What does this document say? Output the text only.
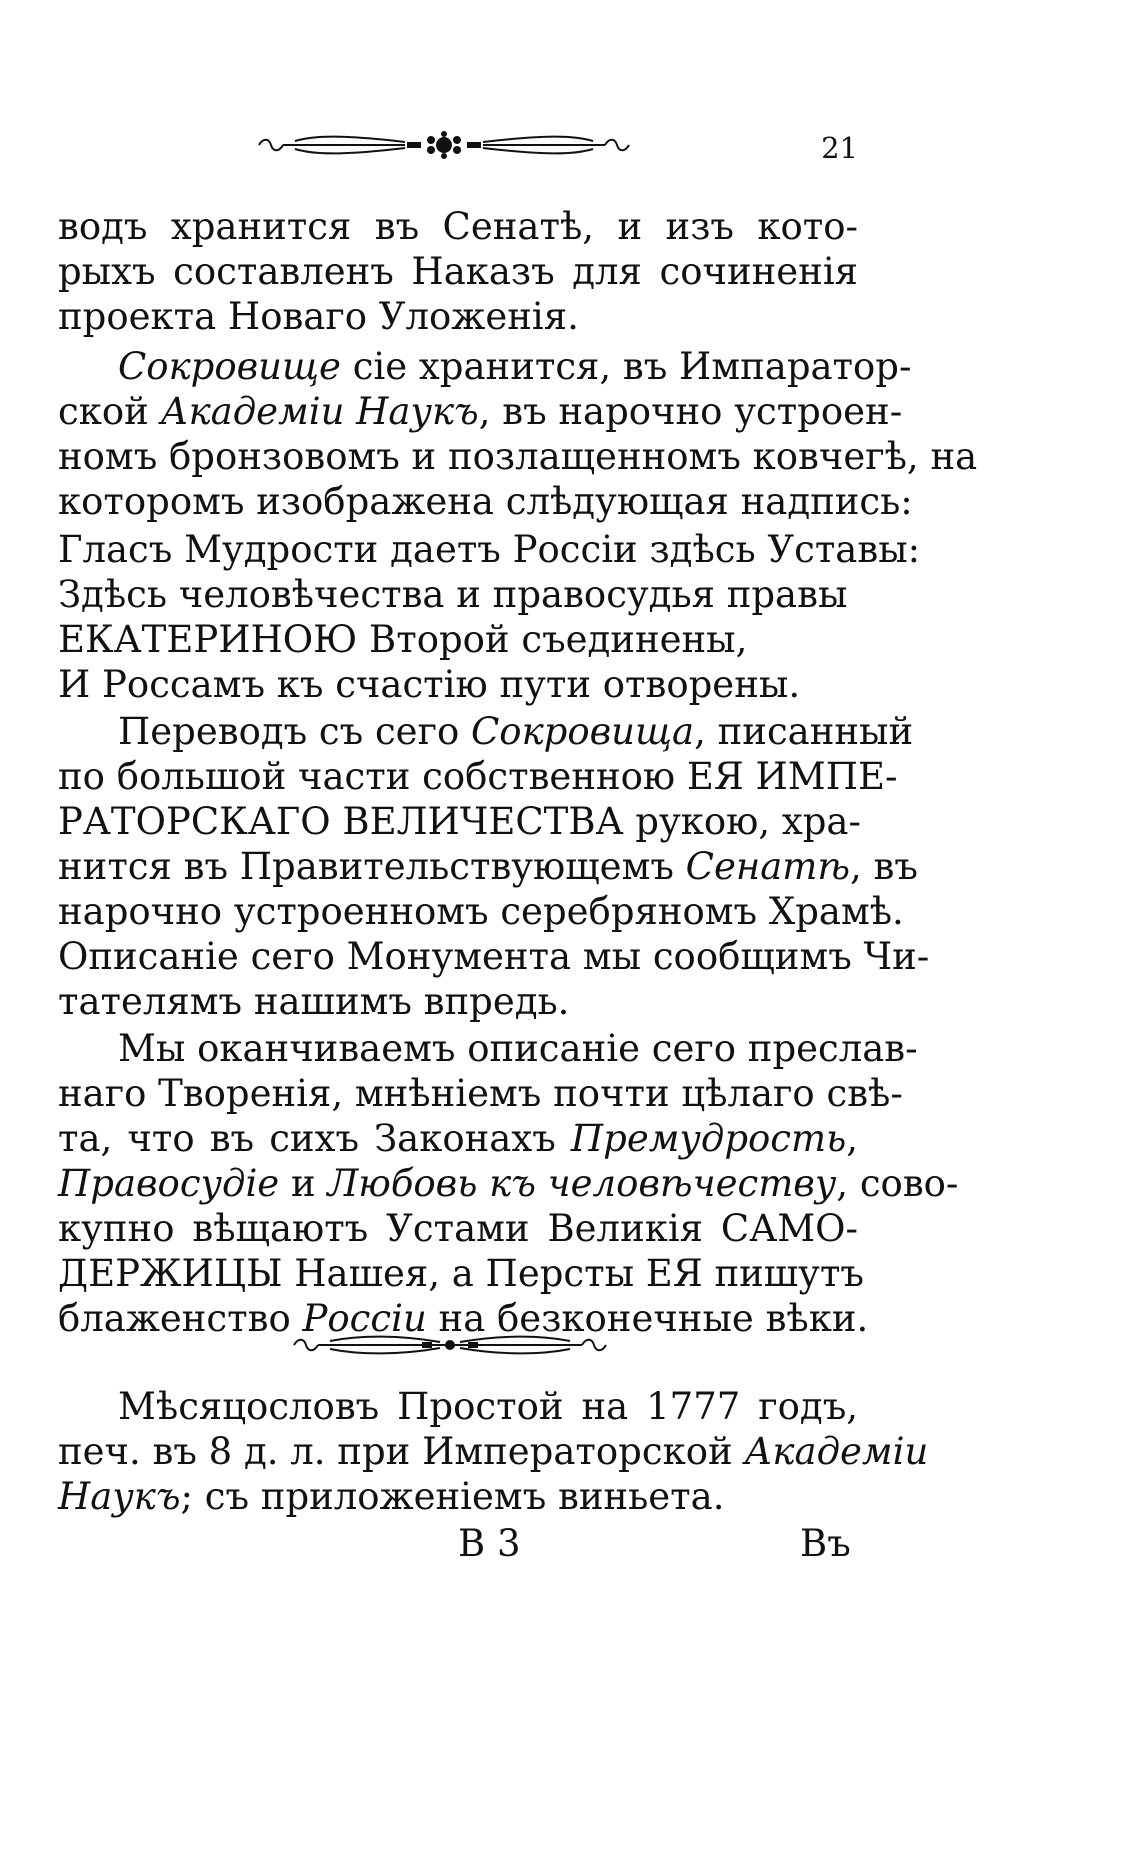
21
водъ хранится въ Сенатѣ, и изъ кото-
рыхъ составленъ Наказъ для сочиненія
проекта Новаго Уложенія.
Сокровище сіе хранится, въ Импаратор-
ской Академіи Наукъ, въ нарочно устроен-
номъ бронзовомъ и позлащенномъ ковчегѣ, на
которомъ изображена слѣдующая надпись:
Гласъ Мудрости даетъ Россіи здѣсь Уставы:
Здѣсь человѣчества и правосудья правы
ЕКАТЕРИНОЮ Второй съединены,
И Россамъ къ счастію пути отворены.
Переводъ съ сего Сокровища, писанный
по большой части собственною ЕЯ ИМПЕ-
РАТОРСКАГО ВЕЛИЧЕСТВА рукою, хра-
нится въ Правительствующемъ Сенатѣ, въ
нарочно устроенномъ серебряномъ Храмѣ.
Описаніе сего Монумента мы сообщимъ Чи-
тателямъ нашимъ впредь.
Мы оканчиваемъ описаніе сего преслав-
наго Творенія, мнѣніемъ почти цѣлаго свѣ-
та, что въ сихъ Законахъ Премудрость,
Правосудіе и Любовь къ человѣчеству, сово-
купно вѣщаютъ Устами Великія САМО-
ДЕРЖИЦЫ Нашея, а Персты ЕЯ пишутъ
блаженство Россіи на безконечные вѣки.
Мѣсяцословъ Простой на 1777 годъ,
печ. въ 8 д. л. при Императорской Академіи
Наукъ; съ приложеніемъ виньета.
В 3	Въ
